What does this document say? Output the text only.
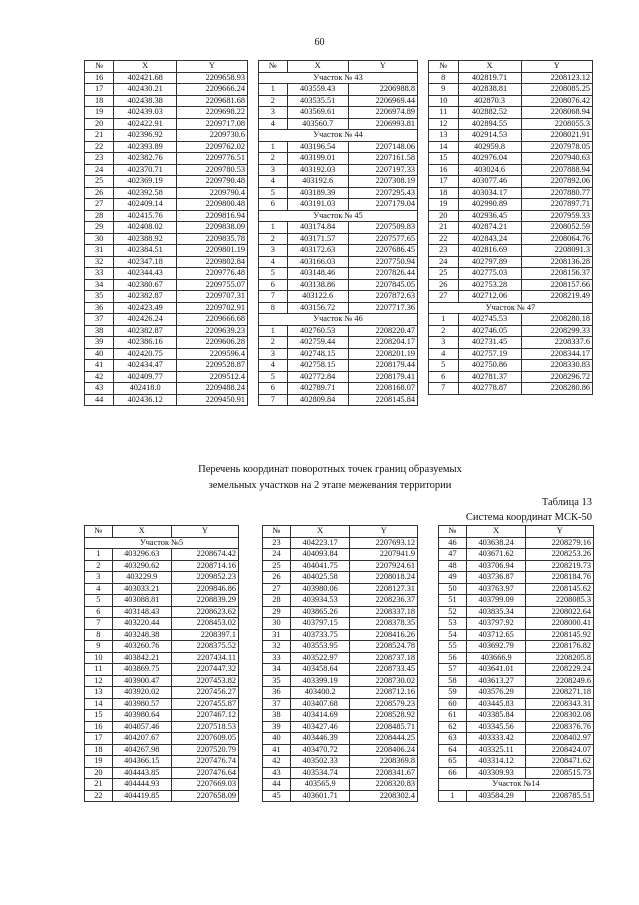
60
№	X	Y
16	402421.68	2209658.93
17	402430.21	2209666.24
18	402438.38	2209681.68
19	402439.03	2209698.22
20	402422.91	2209717.08
21	402396.92	2209730.6
22	402393.89	2209762.02
23	402382.76	2209776.51
24	402370.71	2209780.53
25	402369.19	2209790.48
26	402392.58	2209790.4
27	402409.14	2209800.48
28	402415.76	2209816.94
29	402408.02	2209838.09
30	402388.92	2209835.78
31	402384.51	2209801.19
32	402347.18	2209802.84
33	402344.43	2209776.48
34	402380.67	2209755.07
35	402382.87	2209707.31
36	402423.49	2209702.91
37	402426.24	2209666.68
38	402382.87	2209639.23
39	402386.16	2209606.28
40	402420.75	2209596.4
41	402434.47	2209528.87
42	402409.77	2209512.4
43	402418.0	2209488.24
44	402436.12	2209450.91
№	X	Y
Участок № 43		
1	403559.43	2206988.8
2	403535.51	2206969.44
3	403569.61	2206974.89
4	403560.7	2206993.81
Участок № 44		
1	403196.54	2207148.06
2	403199.01	2207161.58
3	403192.03	2207197.33
4	403192.6	2207308.19
5	403189.39	2207295.43
6	403191.03	2207179.04
Участок № 45		
1	403174.84	2207509.83
2	403171.57	2207577.65
3	403172.63	2207686.45
4	403166.03	2207750.94
5	403148.46	2207826.44
6	403138.86	2207845.05
7	403122.6	2207872.63
8	403156.72	2207717.36
Участок № 46		
1	402760.53	2208220.47
2	402759.44	2208204.17
3	402748.15	2208201.19
4	402758.15	2208179.44
5	402772.84	2208179.41
6	402789.71	2208168.07
7	402809.84	2208145.84
№	X	Y
8	402819.71	2208123.12
9	402838.81	2208085.25
10	402870.3	2208076.42
11	402882.52	2208068.94
12	402894.55	2208055.3
13	402914.53	2208021.91
14	402959.8	2207978.05
15	402976.04	2207940.63
16	403024.6	2207888.94
17	403077.46	2207892.06
18	403034.17	2207880.77
19	402990.89	2207897.71
20	402936.45	2207959.33
21	402874.21	2208052.59
22	402843.24	2208064.76
23	402816.69	2208091.3
24	402797.89	2208136.28
25	402775.03	2208156.37
26	402753.28	2208157.66
27	402712.06	2208219.49
Участок № 47		
1	402745.53	2208280.18
2	402746.05	2208299.33
3	402731.45	2208337.6
4	402757.19	2208344.17
5	402750.86	2208330.83
6	402781.37	2208296.72
7	402778.87	2208280.86
Перечень координат поворотных точек границ образуемых
земельных участков на 2 этапе межевания территории
Таблица 13
Система координат МСК-50
№	X	Y
Участок №5		
1	403296.63	2208674.42
2	403290.62	2208714.16
3	403229.9	2209852.23
4	403033.21	2209846.86
5	403088.81	2208839.29
6	403148.43	2208623.62
7	403220.44	2208453.02
8	403248.38	2208397.1
9	403260.76	2208375.52
10	403842.21	2207434.11
11	403869.75	2207447.32
12	403900.47	2207453.82
13	403920.02	2207456.27
14	403980.57	2207455.87
15	403980.64	2207467.12
16	404057.46	2207518.53
17	404207.67	2207609.05
18	404267.98	2207520.79
19	404366.15	2207476.74
20	404443.85	2207476.64
21	404444.93	2207669.03
22	404419.85	2207658.09
№	X	Y
23	404223.17	2207693.12
24	404093.84	2207941.9
25	404041.75	2207924.61
26	404025.58	2208018.24
27	403980.06	2208127.31
28	403934.53	2208236.37
29	403865.26	2208337.18
30	403797.15	2208378.35
31	403733.75	2208416.26
32	403553.95	2208524.78
33	403522.97	2208737.18
34	403458.64	2208733.45
35	403399.19	2208730.02
36	403400.2	2208712.16
37	403407.68	2208579.23
38	403414.69	2208528.92
39	403427.46	2208485.71
40	403446.39	2208444.25
41	403470.72	2208406.24
42	403502.33	2208369.8
43	403534.74	2208341.67
44	403565.9	2208320.83
45	403601.71	2208302.4
№	X	Y
46	403638.24	2208279.16
47	403671.62	2208253.26
48	403706.94	2208219.73
49	403736.87	2208184.76
50	403763.97	2208145.62
51	403799.09	2208085.3
52	403835.34	2208022.64
53	403797.92	2208000.41
54	403712.65	2208145.92
55	403692.79	2208176.82
56	403666.9	2208205.8
57	403641.01	2208229.24
58	403613.27	2208249.6
59	403576.29	2208271.18
60	403445.83	2208343.31
61	403385.84	2208302.08
62	403345.56	2208376.76
63	403333.42	2208402.97
64	403325.11	2208424.07
65	403314.12	2208471.62
66	403309.93	2208515.73
Участок №14		
1	403584.29	2208785.51
